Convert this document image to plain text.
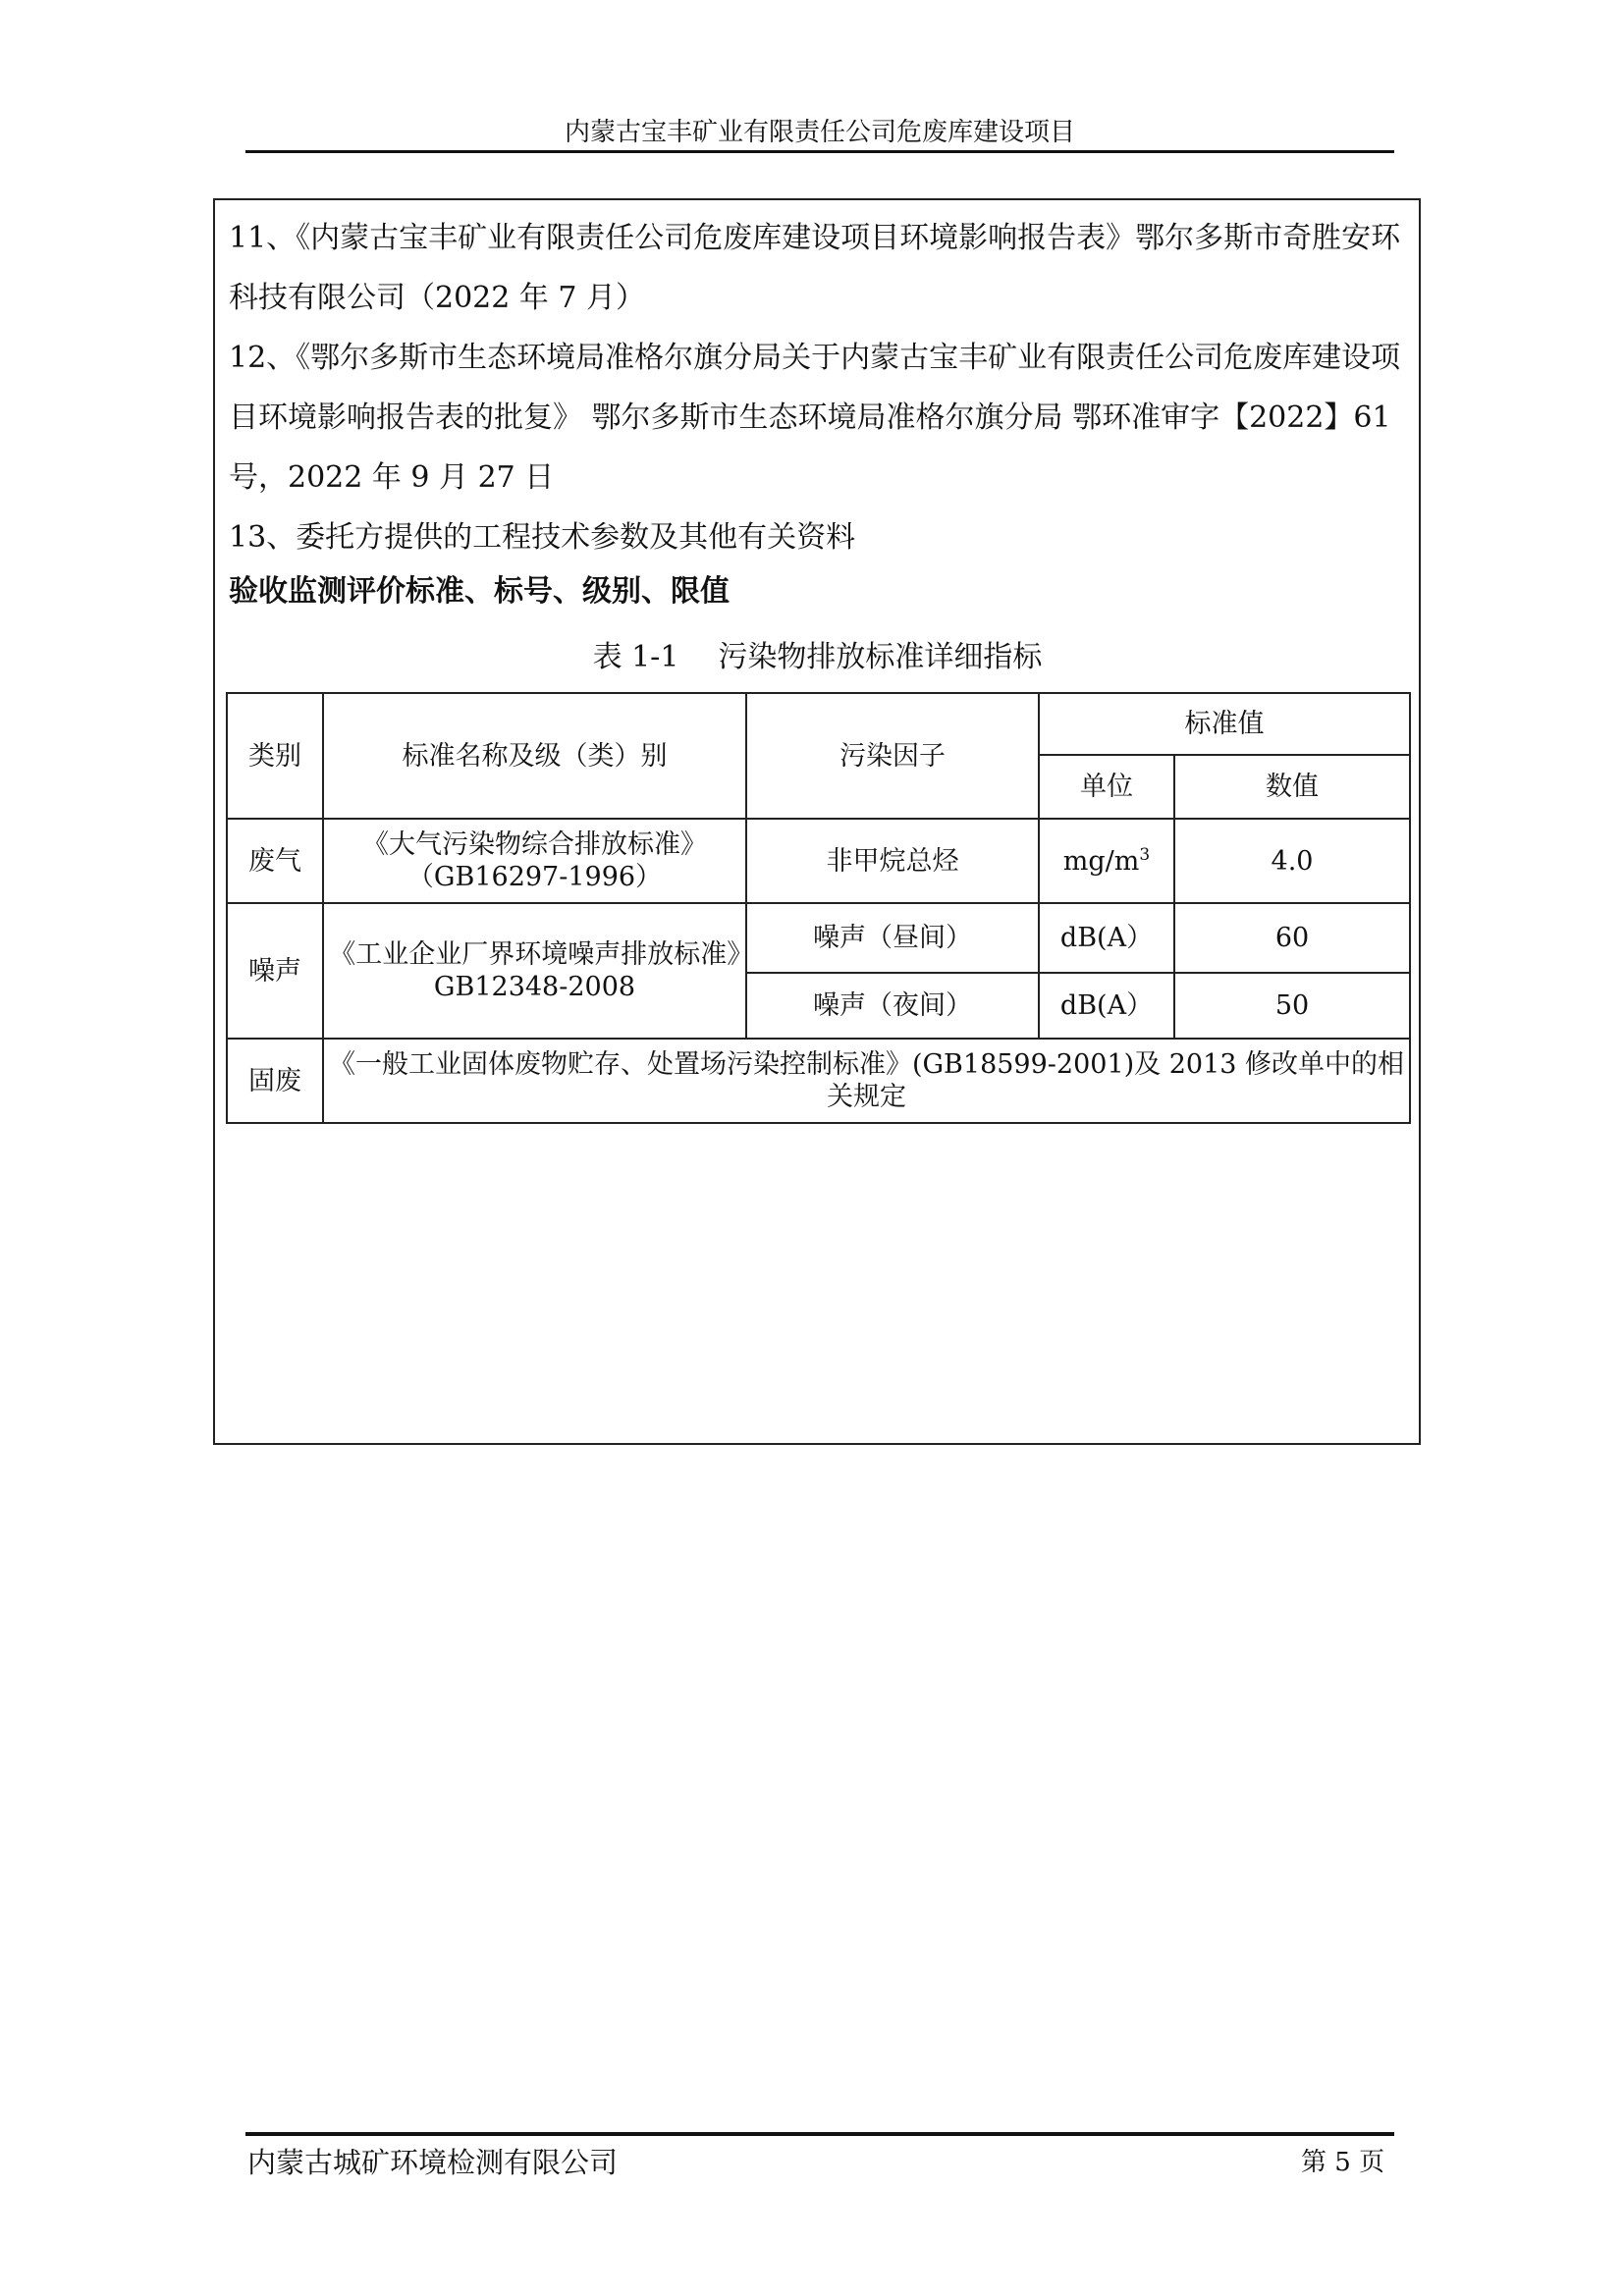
内蒙古宝丰矿业有限责任公司危废库建设项目

11、《内蒙古宝丰矿业有限责任公司危废库建设项目环境影响报告表》鄂尔多斯市奇胜安环科技有限公司（2022 年 7 月）

12、《鄂尔多斯市生态环境局准格尔旗分局关于内蒙古宝丰矿业有限责任公司危废库建设项目环境影响报告表的批复》 鄂尔多斯市生态环境局准格尔旗分局 鄂环准审字【2022】61 号，2022 年 9 月 27 日

13、委托方提供的工程技术参数及其他有关资料

验收监测评价标准、标号、级别、限值
表 1-1 污染物排放标准详细指标
类别	标准名称及级（类）别	污染因子	标准值	
			单位	数值
废气	《大气污染物综合排放标准》（GB16297-1996）	非甲烷总烃	$mg/m^3$	4.0
噪声	《工业企业厂界环境噪声排放标准》GB12348-2008	噪声（昼间）	dB(A）	60
		噪声（夜间）	dB(A）	50
固废	《一般工业固体废物贮存、处置场污染控制标准》(GB18599-2001)及 2013 修改单中的相关规定			
内蒙古城矿环境检测有限公司	第 5 页
